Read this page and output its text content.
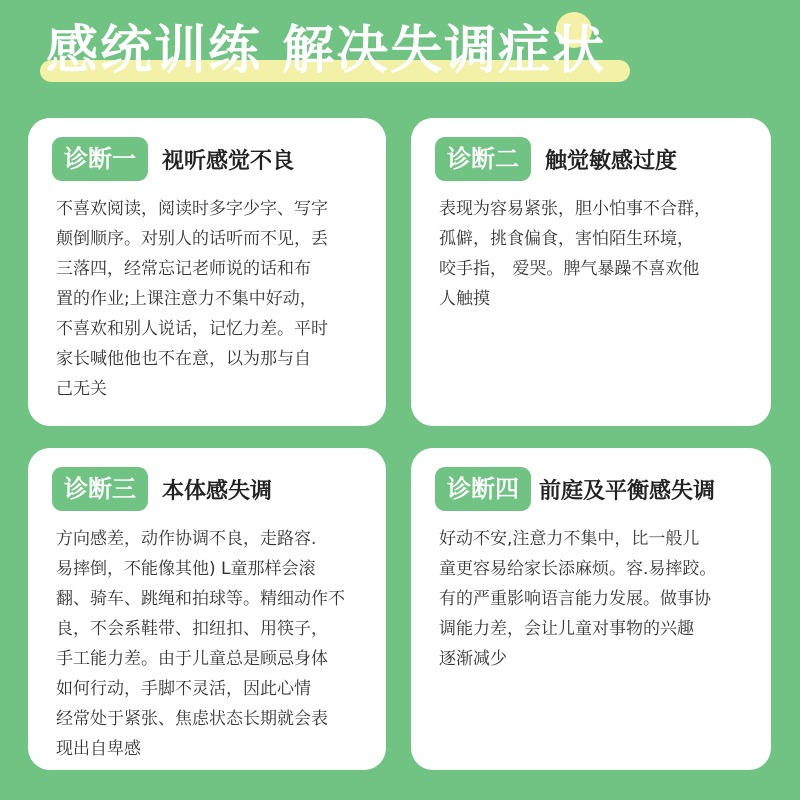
感统训练 解决失调症状
诊断一	视听感觉不良

不喜欢阅读，阅读时多字少字、写字
颠倒顺序。对别人的话听而不见，丢
三落四，经常忘记老师说的话和布
置的作业;上课注意力不集中好动，
不喜欢和别人说话，记忆力差。平时
家长喊他他也不在意，以为那与自
己无关

诊断二	触觉敏感过度

表现为容易紧张，胆小怕事不合群，
孤僻，挑食偏食，害怕陌生环境，
咬手指， 爱哭。脾气暴躁不喜欢他
人触摸

诊断三	本体感失调

方向感差，动作协调不良，走路容.
易摔倒，不能像其他) L童那样会滚
翻、骑车、跳绳和拍球等。精细动作不
良，不会系鞋带、扣纽扣、用筷子，
手工能力差。由于儿童总是顾忌身体
如何行动，手脚不灵活，因此心情
经常处于紧张、焦虑状态长期就会表
现出自卑感

诊断四 前庭及平衡感失调

好动不安,注意力不集中，比一般儿
童更容易给家长添麻烦。容.易摔跤。
有的严重影响语言能力发展。做事协
调能力差，会让儿童对事物的兴趣
逐渐减少
